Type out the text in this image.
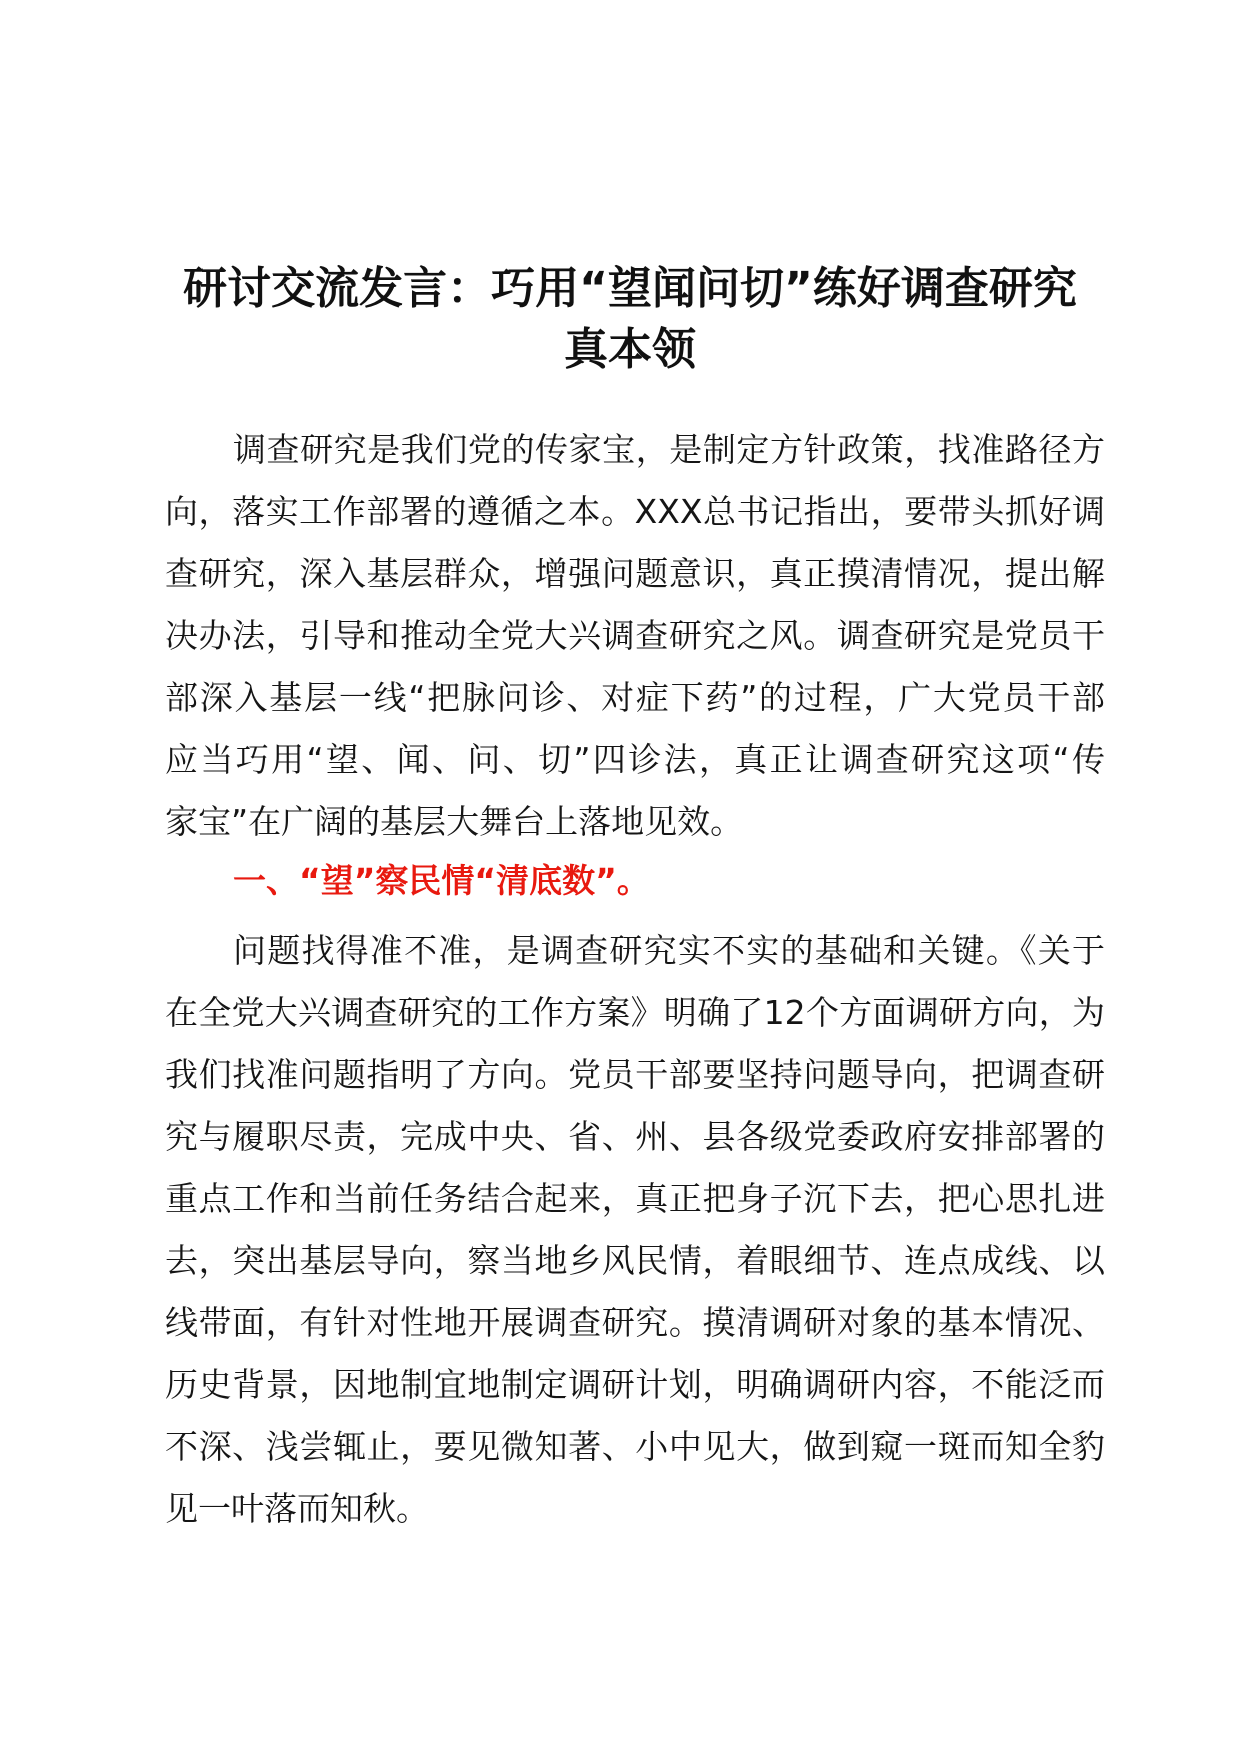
研讨交流发言：巧用“望闻问切”练好调查研究
真本领
调查研究是我们党的传家宝，是制定方针政策，找准路径方
向，落实工作部署的遵循之本。XXX总书记指出，要带头抓好调
查研究，深入基层群众，增强问题意识，真正摸清情况，提出解
决办法，引导和推动全党大兴调查研究之风。调查研究是党员干
部深入基层一线“把脉问诊、对症下药”的过程，广大党员干部
应当巧用“望、闻、问、切”四诊法，真正让调查研究这项“传
家宝”在广阔的基层大舞台上落地见效。
一、“望”察民情“清底数”。
问题找得准不准，是调查研究实不实的基础和关键。《关于
在全党大兴调查研究的工作方案》明确了12个方面调研方向，为
我们找准问题指明了方向。党员干部要坚持问题导向，把调查研
究与履职尽责，完成中央、省、州、县各级党委政府安排部署的
重点工作和当前任务结合起来，真正把身子沉下去，把心思扎进
去，突出基层导向，察当地乡风民情，着眼细节、连点成线、以
线带面，有针对性地开展调查研究。摸清调研对象的基本情况、
历史背景，因地制宜地制定调研计划，明确调研内容，不能泛而
不深、浅尝辄止，要见微知著、小中见大，做到窥一斑而知全豹
见一叶落而知秋。
